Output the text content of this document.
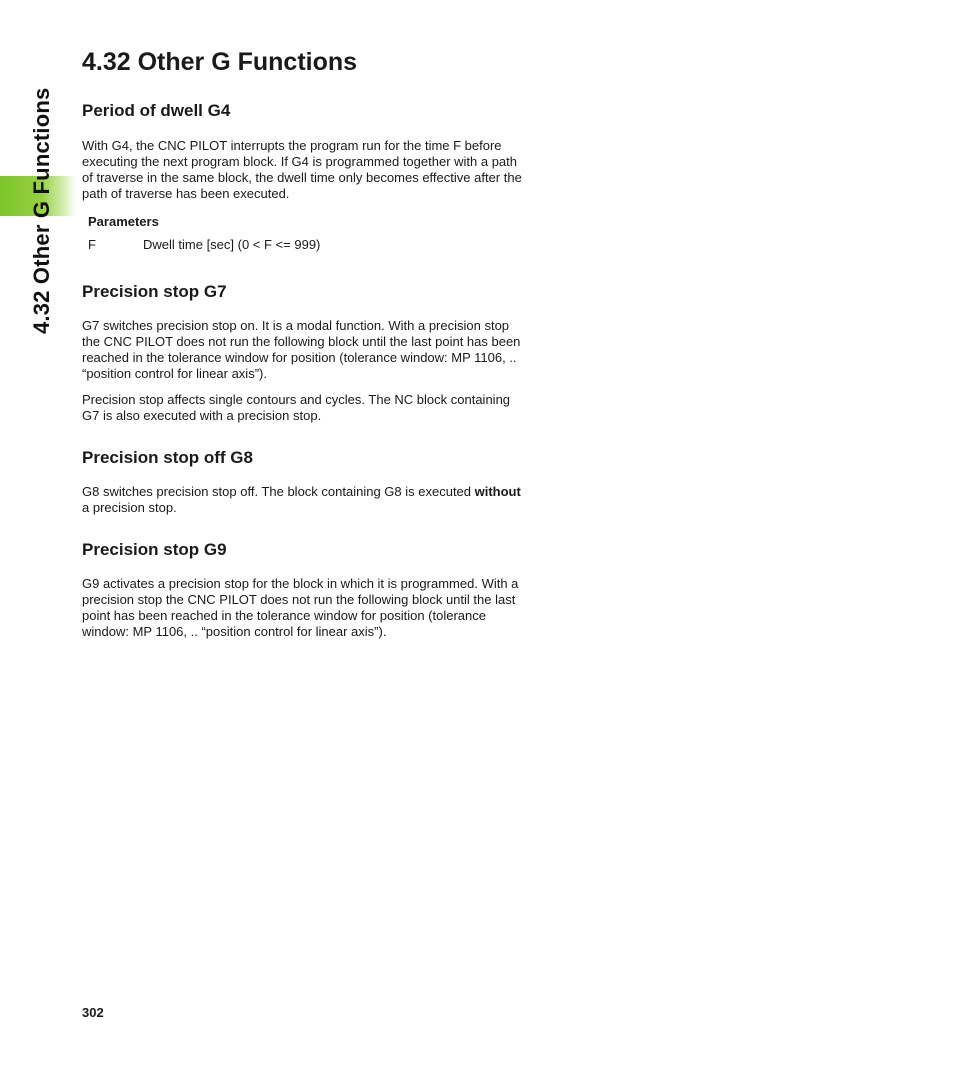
4.32 Other G Functions
4.32 Other G Functions
Period of dwell G4

With G4, the CNC PILOT interrupts the program run for the time F before executing the next program block. If G4 is programmed together with a path of traverse in the same block, the dwell time only becomes effective after the path of traverse has been executed.

Parameters
F	Dwell time [sec] (0 < F <= 999)
Precision stop G7

G7 switches precision stop on. It is a modal function. With a precision stop the CNC PILOT does not run the following block until the last point has been reached in the tolerance window for position (tolerance window: MP 1106, .. “position control for linear axis”).

Precision stop affects single contours and cycles. The NC block containing G7 is also executed with a precision stop.

Precision stop off G8

G8 switches precision stop off. The block containing G8 is executed without a precision stop.

Precision stop G9

G9 activates a precision stop for the block in which it is programmed. With a precision stop the CNC PILOT does not run the following block until the last point has been reached in the tolerance window for position (tolerance window: MP 1106, .. “position control for linear axis”).

302
